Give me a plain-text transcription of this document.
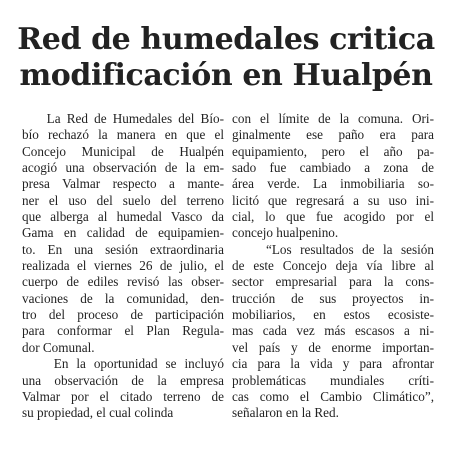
Red de humedales critica
modificación en Hualpén
La Red de Humedales del Bío-
bío rechazó la manera en que el
Concejo Municipal de Hualpén
acogió una observación de la em-
presa Valmar respecto a mante-
ner el uso del suelo del terreno
que alberga al humedal Vasco da
Gama en calidad de equipamien-
to. En una sesión extraordinaria
realizada el viernes 26 de julio, el
cuerpo de ediles revisó las obser-
vaciones de la comunidad, den-
tro del proceso de participación
para conformar el Plan Regula-
dor Comunal.
En la oportunidad se incluyó
una observación de la empresa
Valmar por el citado terreno de
su propiedad, el cual colinda
con el límite de la comuna. Ori-
ginalmente ese paño era para
equipamiento, pero el año pa-
sado fue cambiado a zona de
área verde. La inmobiliaria so-
licitó que regresará a su uso ini-
cial, lo que fue acogido por el
concejo hualpenino.
“Los resultados de la sesión
de este Concejo deja vía libre al
sector empresarial para la cons-
trucción de sus proyectos in-
mobiliarios, en estos ecosiste-
mas cada vez más escasos a ni-
vel país y de enorme importan-
cia para la vida y para afrontar
problemáticas mundiales críti-
cas como el Cambio Climático”,
señalaron en la Red.
